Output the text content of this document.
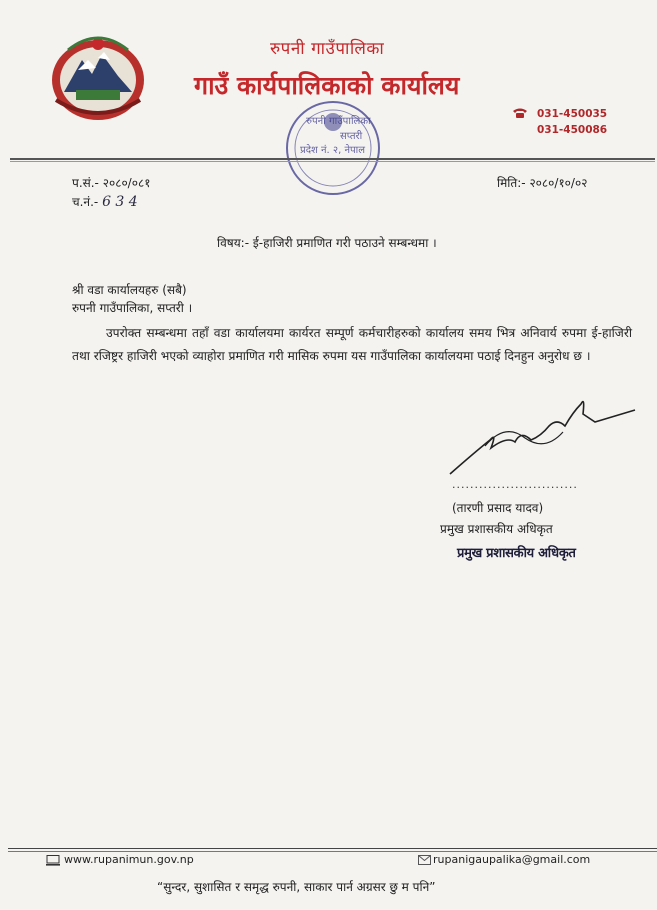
रुपनी गाउँपालिका
गाउँ कार्यपालिकाको कार्यालय
031-450035
031-450086
रुपनी गाउँपालिका
सप्तरी
प्रदेश नं. २, नेपाल
प.सं.- २०८०/०८१
च.नं.- 6 3 4
मिति:- २०८०/१०/०२
विषय:- ई-हाजिरी प्रमाणित गरी पठाउने सम्बन्धमा ।
श्री वडा कार्यालयहरु (सबै)
रुपनी गाउँपालिका, सप्तरी ।
उपरोक्त सम्बन्धमा तहाँ वडा कार्यालयमा कार्यरत सम्पूर्ण कर्मचारीहरुको कार्यालय समय भित्र अनिवार्य रुपमा ई-हाजिरी तथा रजिष्ट्रर हाजिरी भएको व्याहोरा प्रमाणित गरी मासिक रुपमा यस गाउँपालिका कार्यालयमा पठाई दिनहुन अनुरोध छ ।
............................
(तारणी प्रसाद यादव)
प्रमुख प्रशासकीय अधिकृत
प्रमुख प्रशासकीय अधिकृत
www.rupanimun.gov.np	rupanigaupalika@gmail.com
“सुन्दर, सुशासित र समृद्ध रुपनी, साकार पार्न अग्रसर छु म पनि”
